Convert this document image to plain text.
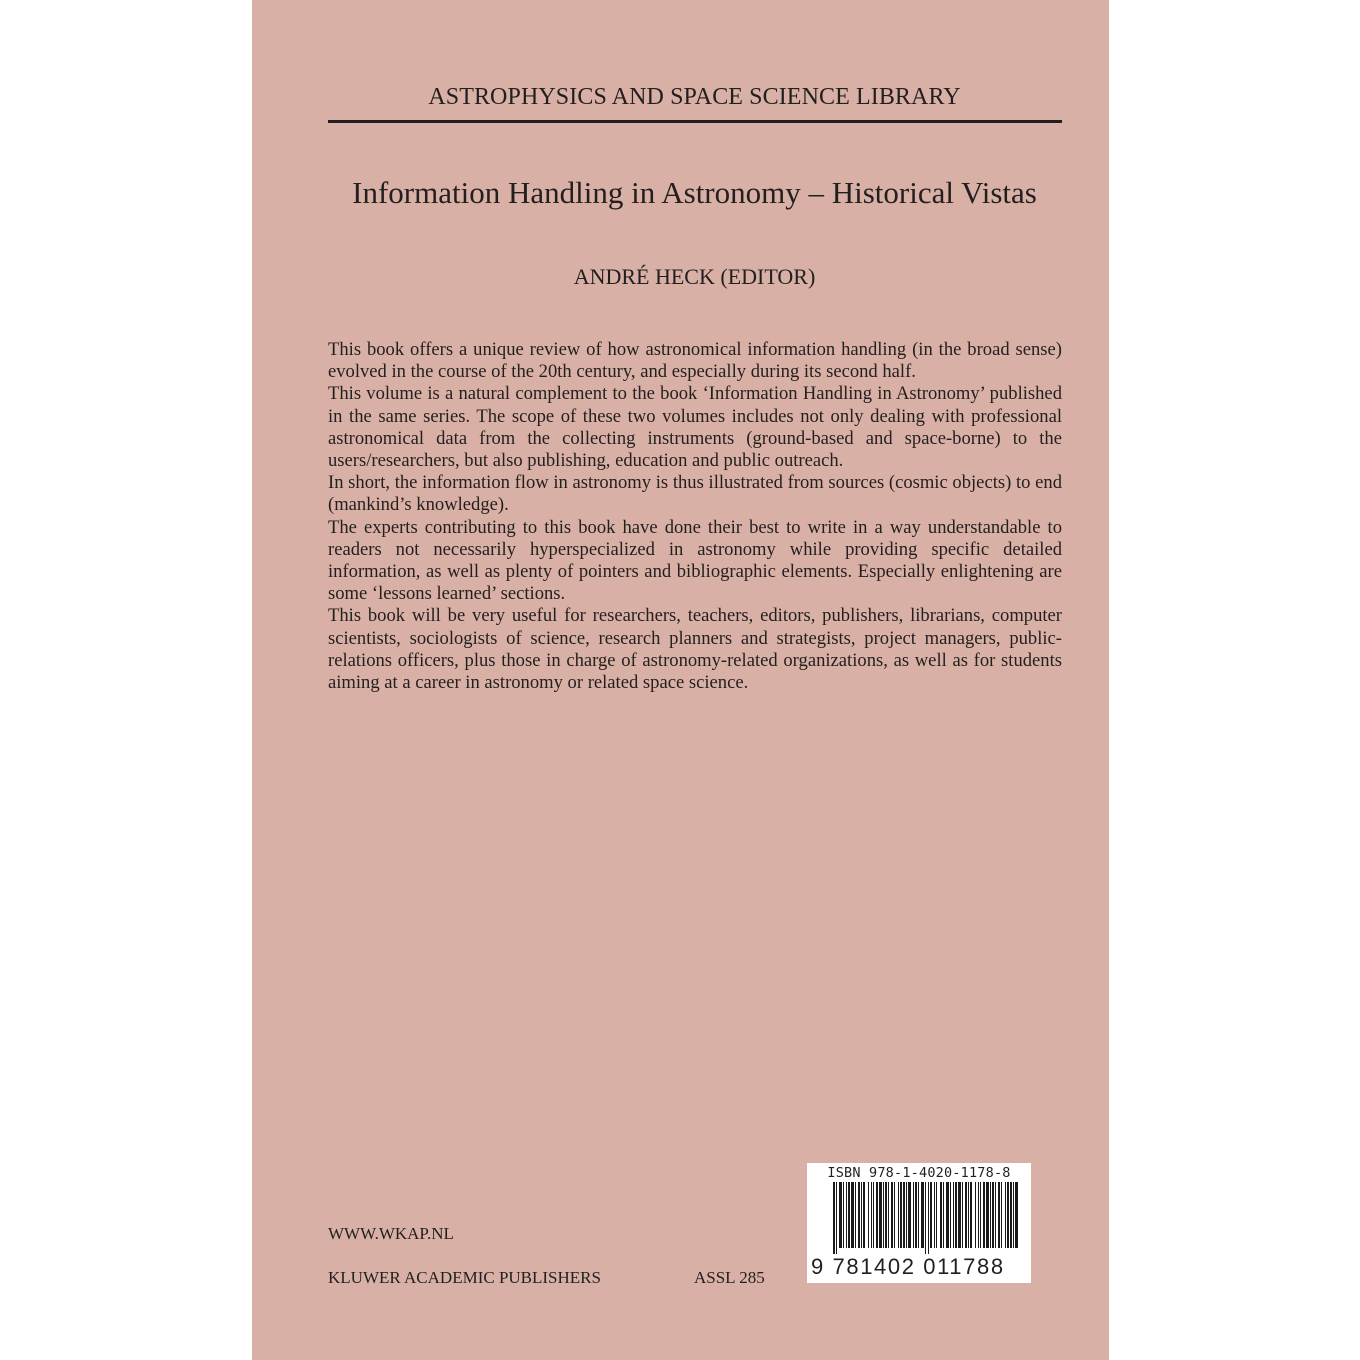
ASTROPHYSICS AND SPACE SCIENCE LIBRARY
Information Handling in Astronomy – Historical Vistas
ANDRÉ HECK (EDITOR)

This book offers a unique review of how astronomical information handling (in the broad sense) evolved in the course of the 20th century, and especially during its second half.

This volume is a natural complement to the book ‘Information Handling in Astronomy’ published in the same series. The scope of these two volumes includes not only dealing with professional astronomical data from the collecting instruments (ground-based and space-borne) to the users/researchers, but also publishing, education and public outreach.

In short, the information flow in astronomy is thus illustrated from sources (cosmic objects) to end (mankind’s knowledge).

The experts contributing to this book have done their best to write in a way understandable to readers not necessarily hyperspecialized in astronomy while providing specific detailed information, as well as plenty of pointers and bibliographic elements. Especially enlightening are some ‘lessons learned’ sections.

This book will be very useful for researchers, teachers, editors, publishers, librarians, computer scientists, sociologists of science, research planners and strategists, project managers, public-relations officers, plus those in charge of astronomy-related organizations, as well as for students aiming at a career in astronomy or related space science.

WWW.WKAP.NL
KLUWER ACADEMIC PUBLISHERS	ASSL 285
ISBN 978-1-4020-1178-8
9 781402 011788
